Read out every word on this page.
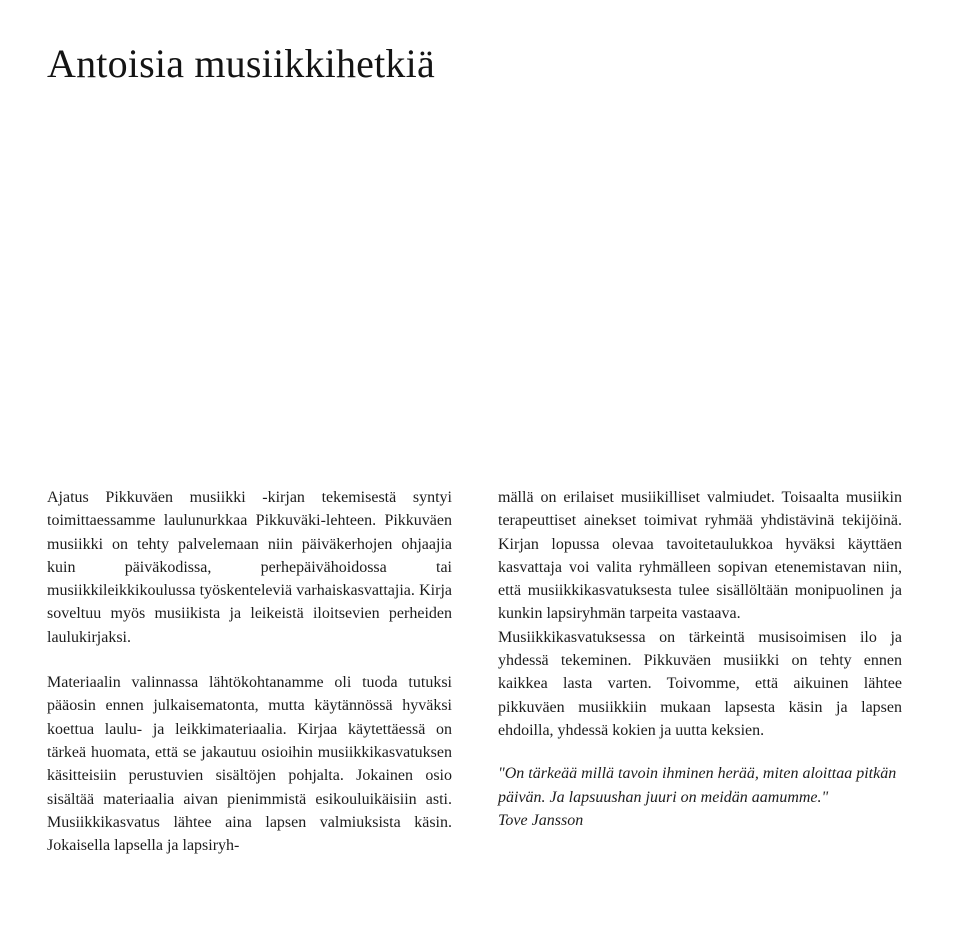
Antoisia musiikkihetkiä

Ajatus Pikkuväen musiikki -kirjan tekemisestä syntyi toimittaessamme laulunurkkaa Pikkuväki-lehteen. Pikkuväen musiikki on tehty palvelemaan niin päiväkerhojen ohjaajia kuin päiväkodissa, perhepäivähoidossa tai musiikkileikkikoulussa työskenteleviä varhaiskasvattajia. Kirja soveltuu myös musiikista ja leikeistä iloitsevien perheiden laulukirjaksi.

Materiaalin valinnassa lähtökohtanamme oli tuoda tutuksi pääosin ennen julkaisematonta, mutta käytännössä hyväksi koettua laulu- ja leikkimateriaalia. Kirjaa käytettäessä on tärkeä huomata, että se jakautuu osioihin musiikkikasvatuksen käsitteisiin perustuvien sisältöjen pohjalta. Jokainen osio sisältää materiaalia aivan pienimmistä esikouluikäisiin asti. Musiikkikasvatus lähtee aina lapsen valmiuksista käsin. Jokaisella lapsella ja lapsiryh-

mällä on erilaiset musiikilliset valmiudet. Toisaalta musiikin terapeuttiset ainekset toimivat ryhmää yhdistävinä tekijöinä. Kirjan lopussa olevaa tavoitetaulukkoa hyväksi käyttäen kasvattaja voi valita ryhmälleen sopivan etenemistavan niin, että musiikkikasvatuksesta tulee sisällöltään monipuolinen ja kunkin lapsiryhmän tarpeita vastaava.

Musiikkikasvatuksessa on tärkeintä musisoimisen ilo ja yhdessä tekeminen. Pikkuväen musiikki on tehty ennen kaikkea lasta varten. Toivomme, että aikuinen lähtee pikkuväen musiikkiin mukaan lapsesta käsin ja lapsen ehdoilla, yhdessä kokien ja uutta keksien.

"On tärkeää millä tavoin ihminen herää, miten aloittaa pitkän päivän. Ja lapsuushan juuri on meidän aamumme."

Tove Jansson
